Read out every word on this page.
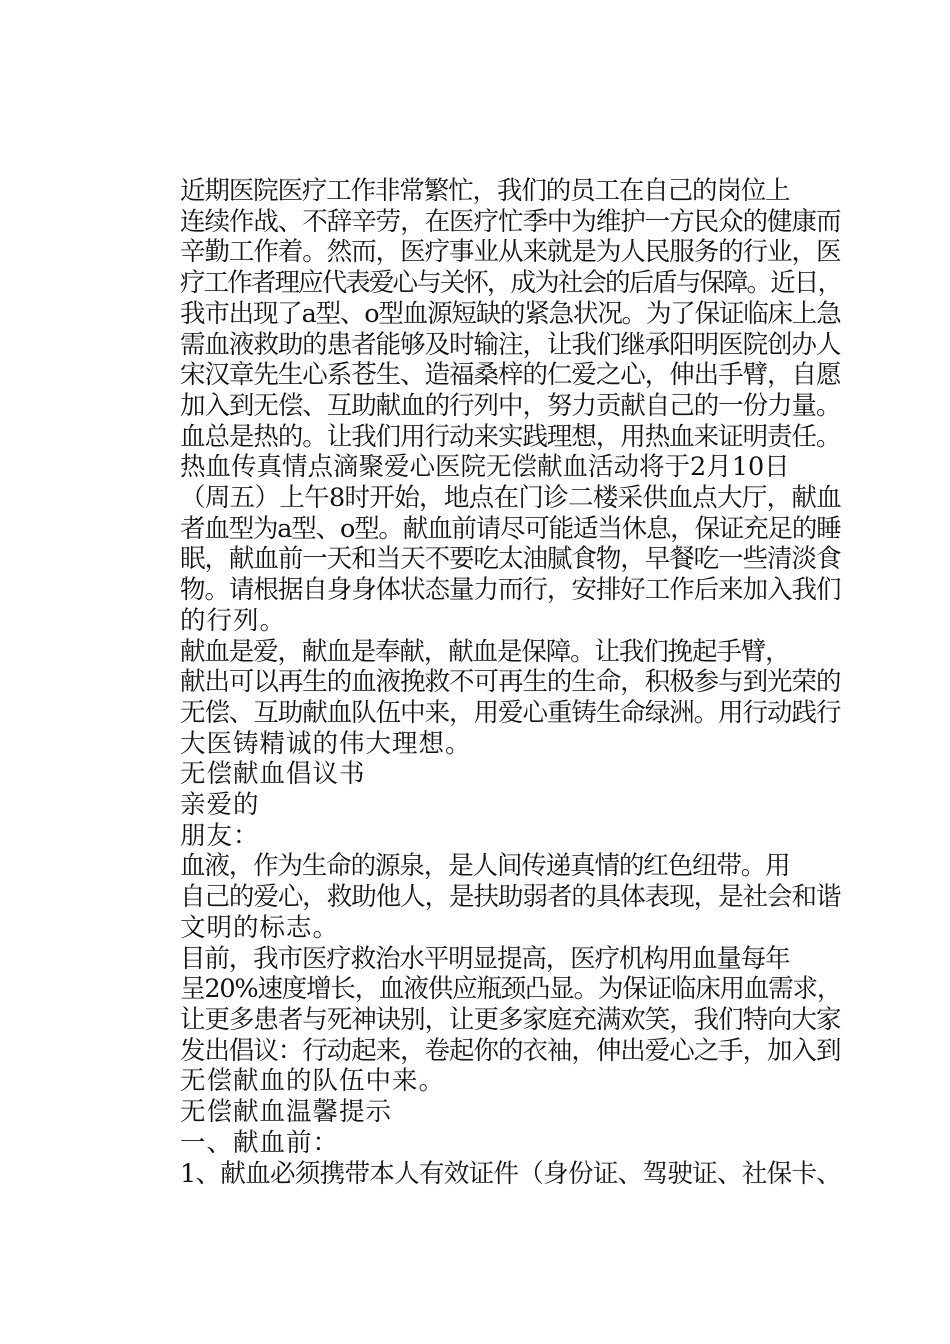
近期医院医疗工作非常繁忙，我们的员工在自己的岗位上
连续作战、不辞辛劳，在医疗忙季中为维护一方民众的健康而
辛勤工作着。然而，医疗事业从来就是为人民服务的行业，医
疗工作者理应代表爱心与关怀，成为社会的后盾与保障。近日，
我市出现了a型、o型血源短缺的紧急状况。为了保证临床上急
需血液救助的患者能够及时输注，让我们继承阳明医院创办人
宋汉章先生心系苍生、造福桑梓的仁爱之心，伸出手臂，自愿
加入到无偿、互助献血的行列中，努力贡献自己的一份力量。
血总是热的。让我们用行动来实践理想，用热血来证明责任。
热血传真情点滴聚爱心医院无偿献血活动将于2月10日
（周五）上午8时开始，地点在门诊二楼采供血点大厅，献血
者血型为a型、o型。献血前请尽可能适当休息，保证充足的睡
眠，献血前一天和当天不要吃太油腻食物，早餐吃一些清淡食
物。请根据自身身体状态量力而行，安排好工作后来加入我们
的行列。
献血是爱，献血是奉献，献血是保障。让我们挽起手臂，
献出可以再生的血液挽救不可再生的生命，积极参与到光荣的
无偿、互助献血队伍中来，用爱心重铸生命绿洲。用行动践行
大医铸精诚的伟大理想。
无偿献血倡议书
亲爱的
朋友：
血液，作为生命的源泉，是人间传递真情的红色纽带。用
自己的爱心，救助他人，是扶助弱者的具体表现，是社会和谐
文明的标志。
目前，我市医疗救治水平明显提高，医疗机构用血量每年
呈20%速度增长，血液供应瓶颈凸显。为保证临床用血需求，
让更多患者与死神诀别，让更多家庭充满欢笑，我们特向大家
发出倡议：行动起来，卷起你的衣袖，伸出爱心之手，加入到
无偿献血的队伍中来。
无偿献血温馨提示
一、献血前：
1、献血必须携带本人有效证件（身份证、驾驶证、社保卡、
